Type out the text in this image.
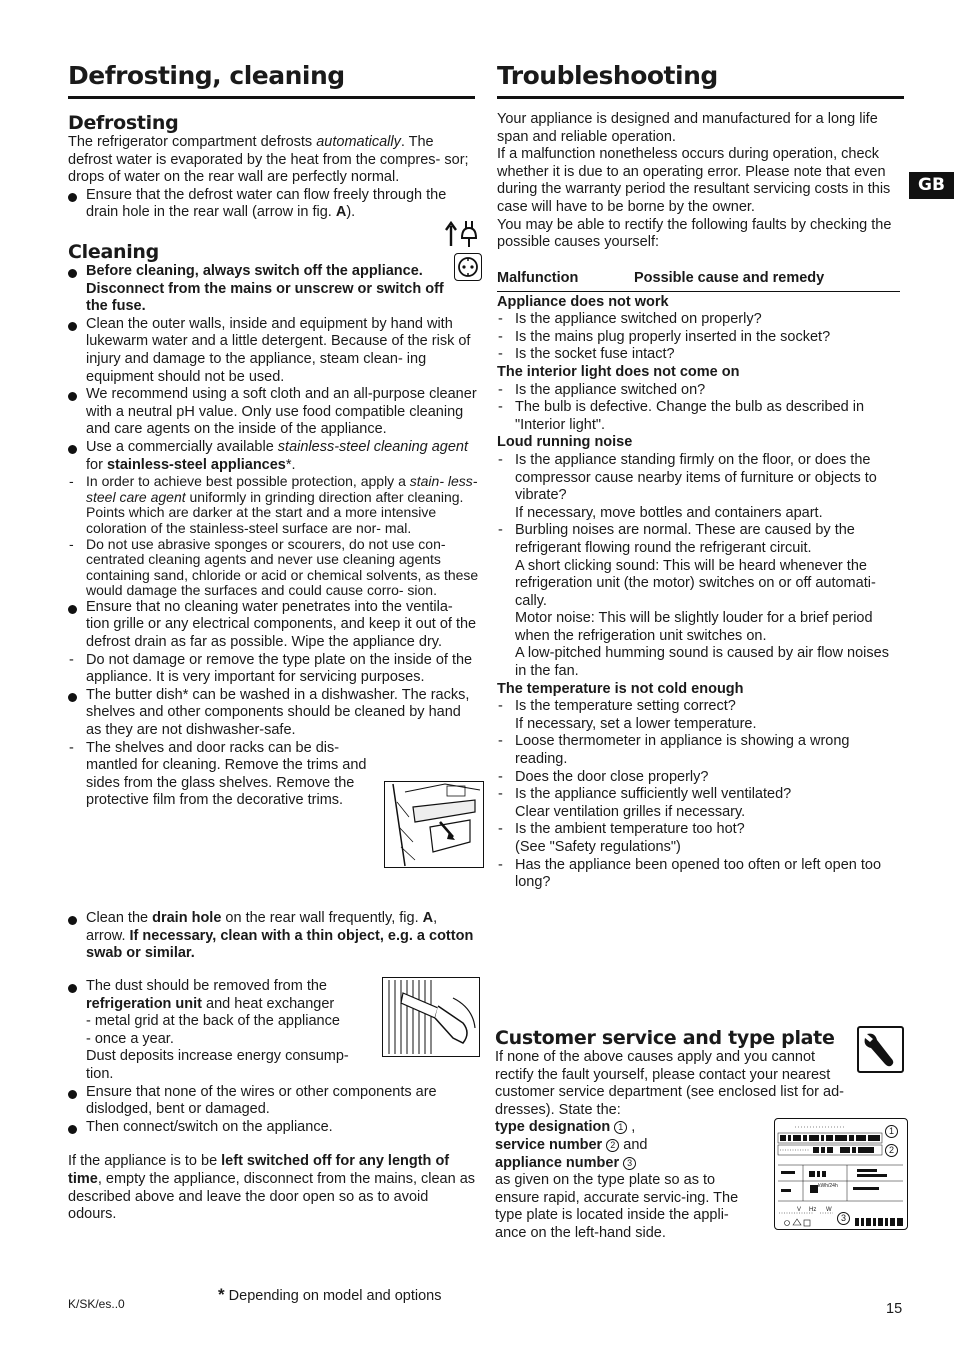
Defrosting, cleaning
Defrosting

The refrigerator compartment defrosts automatically. The defrost water is evaporated by the heat from the compres- sor; drops of water on the rear wall are perfectly normal.

Ensure that the defrost water can flow freely through the drain hole in the rear wall (arrow in fig. A).

Cleaning

Before cleaning, always switch off the appliance. Disconnect from the mains or unscrew or switch off the fuse.

Clean the outer walls, inside and equipment by hand with lukewarm water and a little detergent. Because of the risk of injury and damage to the appliance, steam clean- ing equipment should not be used.

We recommend using a soft cloth and an all-purpose cleaner with a neutral pH value. Only use food compatible cleaning and care agents on the inside of the appliance.

Use a commercially available stainless-steel cleaning agent for stainless-steel appliances*.

- In order to achieve best possible protection, apply a stain- less-steel care agent uniformly in grinding direction after cleaning. Points which are darker at the start and a more intensive coloration of the stainless-steel surface are nor- mal.

- Do not use abrasive sponges or scourers, do not use con- centrated cleaning agents and never use cleaning agents containing sand, chloride or acid or chemical solvents, as these would damage the surfaces and could cause corro- sion.

Ensure that no cleaning water penetrates into the ventila- tion grille or any electrical components, and keep it out of the defrost drain as far as possible. Wipe the appliance dry.

- Do not damage or remove the type plate on the inside of the appliance. It is very important for servicing purposes.

The butter dish* can be washed in a dishwasher. The racks, shelves and other components should be cleaned by hand as they are not dishwasher-safe.

- The shelves and door racks can be dis- mantled for cleaning. Remove the trims and sides from the glass shelves. Remove the protective film from the decorative trims.

Clean the drain hole on the rear wall frequently, fig. A, arrow. If necessary, clean with a thin object, e.g. a cotton swab or similar.

The dust should be removed from the refrigeration unit and heat exchanger

- metal grid at the back of the appliance

- once a year.

Dust deposits increase energy consump- tion.

Ensure that none of the wires or other components are dislodged, bent or damaged.

Then connect/switch on the appliance.

If the appliance is to be left switched off for any length of time, empty the appliance, disconnect from the mains, clean as described above and leave the door open so as to avoid odours.

Troubleshooting
GB

Your appliance is designed and manufactured for a long life span and reliable operation.

If a malfunction nonetheless occurs during operation, check whether it is due to an operating error. Please note that even during the warranty period the resultant servicing costs in this case will have to be borne by the owner.

You may be able to rectify the following faults by checking the possible causes yourself:

Malfunction	Possible cause and remedy

Appliance does not work

- Is the appliance switched on properly?

- Is the mains plug properly inserted in the socket?

- Is the socket fuse intact?

The interior light does not come on

- Is the appliance switched on?

- The bulb is defective. Change the bulb as described in "Interior light".

Loud running noise

- Is the appliance standing firmly on the floor, or does the compressor cause nearby items of furniture or objects to vibrate?

If necessary, move bottles and containers apart.

- Burbling noises are normal. These are caused by the refrigerant flowing round the refrigerant circuit.

A short clicking sound: This will be heard whenever the refrigeration unit (the motor) switches on or off automati- cally.

Motor noise: This will be slightly louder for a brief period when the refrigeration unit switches on.

A low-pitched humming sound is caused by air flow noises in the fan.

The temperature is not cold enough

- Is the temperature setting correct?

If necessary, set a lower temperature.

- Loose thermometer in appliance is showing a wrong reading.

- Does the door close properly?

- Is the appliance sufficiently well ventilated?

Clear ventilation grilles if necessary.

- Is the ambient temperature too hot?

(See "Safety regulations")

- Has the appliance been opened too often or left open too long?

Customer service and type plate

If none of the above causes apply and you cannot rectify the fault yourself, please contact your nearest customer service department (see enclosed list for ad- dresses). State the:

type designation 1 ,

service number 2 and

appliance number 3

as given on the type plate so as to ensure rapid, accurate servic-ing. The type plate is located inside the appli- ance on the left-hand side.

1
2
3
kWh/24h
V Hz W
K/SK/es..0	* Depending on model and options
15
